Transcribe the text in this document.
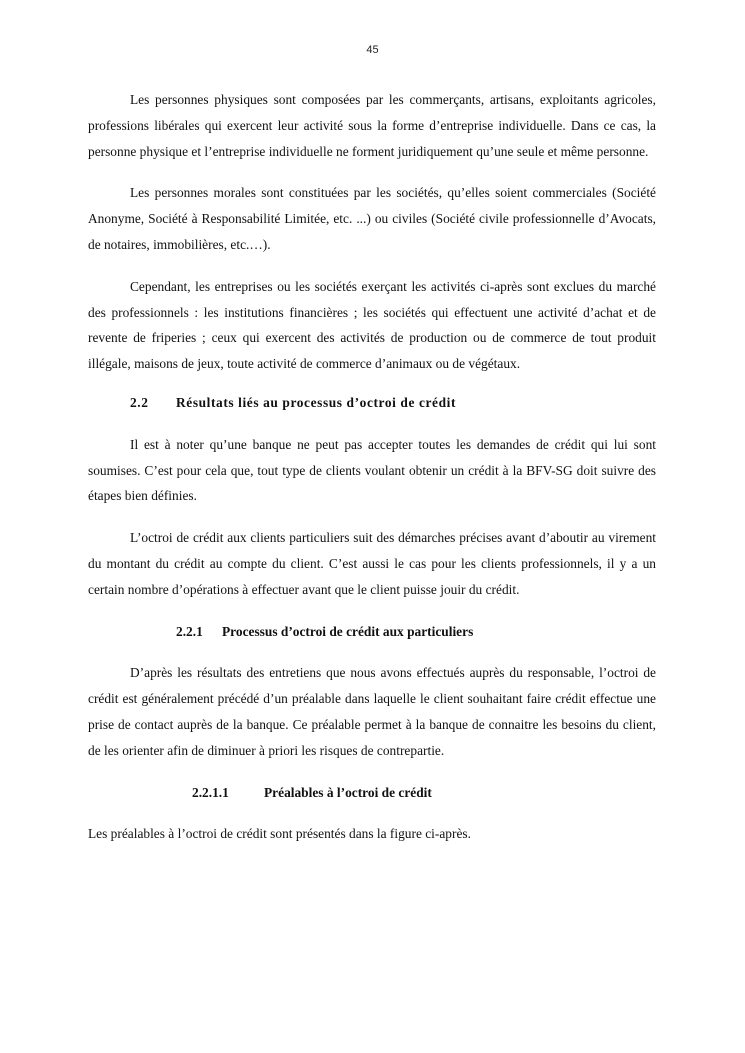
45

Les personnes physiques sont composées par les commerçants, artisans, exploitants agricoles, professions libérales qui exercent leur activité sous la forme d’entreprise individuelle. Dans ce cas, la personne physique et l’entreprise individuelle ne forment juridiquement qu’une seule et même personne.

Les personnes morales sont constituées par les sociétés, qu’elles soient commerciales (Société Anonyme, Société à Responsabilité Limitée, etc. ...) ou civiles (Société civile professionnelle d’Avocats, de notaires, immobilières, etc.…).

Cependant, les entreprises ou les sociétés exerçant les activités ci-après sont exclues du marché des professionnels : les institutions financières ; les sociétés qui effectuent une activité d’achat et de revente de friperies ; ceux qui exercent des activités de production ou de commerce de tout produit illégale, maisons de jeux, toute activité de commerce d’animaux ou de végétaux.

2.2 Résultats liés au processus d’octroi de crédit

Il est à noter qu’une banque ne peut pas accepter toutes les demandes de crédit qui lui sont soumises. C’est pour cela que, tout type de clients voulant obtenir un crédit à la BFV-SG doit suivre des étapes bien définies.

L’octroi de crédit aux clients particuliers suit des démarches précises avant d’aboutir au virement du montant du crédit au compte du client. C’est aussi le cas pour les clients professionnels, il y a un certain nombre d’opérations à effectuer avant que le client puisse jouir du crédit.

2.2.1 Processus d’octroi de crédit aux particuliers

D’après les résultats des entretiens que nous avons effectués auprès du responsable, l’octroi de crédit est généralement précédé d’un préalable dans laquelle le client souhaitant faire crédit effectue une prise de contact auprès de la banque. Ce préalable permet à la banque de connaitre les besoins du client, de les orienter afin de diminuer à priori les risques de contrepartie.

2.2.1.1	Préalables à l’octroi de crédit

Les préalables à l’octroi de crédit sont présentés dans la figure ci-après.
